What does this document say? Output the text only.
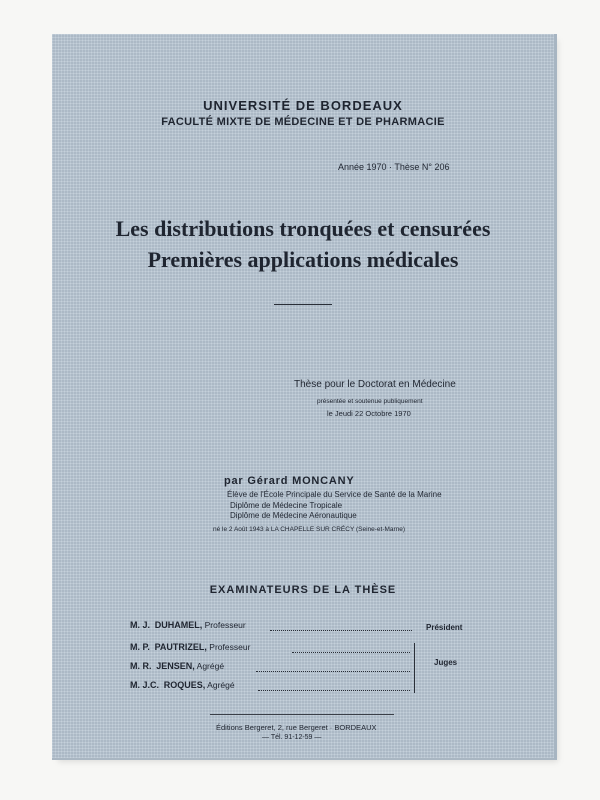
UNIVERSITÉ DE BORDEAUX
FACULTÉ MIXTE DE MÉDECINE ET DE PHARMACIE
Année 1970 · Thèse N° 206
Les distributions tronquées et censurées
Premières applications médicales
Thèse pour le Doctorat en Médecine
présentée et soutenue publiquement
le Jeudi 22 Octobre 1970
par Gérard MONCANY
Élève de l'École Principale du Service de Santé de la Marine
Diplôme de Médecine Tropicale
Diplôme de Médecine Aéronautique
né le 2 Août 1943 à LA CHAPELLE SUR CRÉCY (Seine-et-Marne)
EXAMINATEURS DE LA THÈSE
M. J. DUHAMEL, Professeur
M. P. PAUTRIZEL, Professeur
M. R. JENSEN, Agrégé
M. J.C. ROQUES, Agrégé
Président
Juges
Éditions Bergeret, 2, rue Bergeret · BORDEAUX
— Tél. 91-12-59 —
